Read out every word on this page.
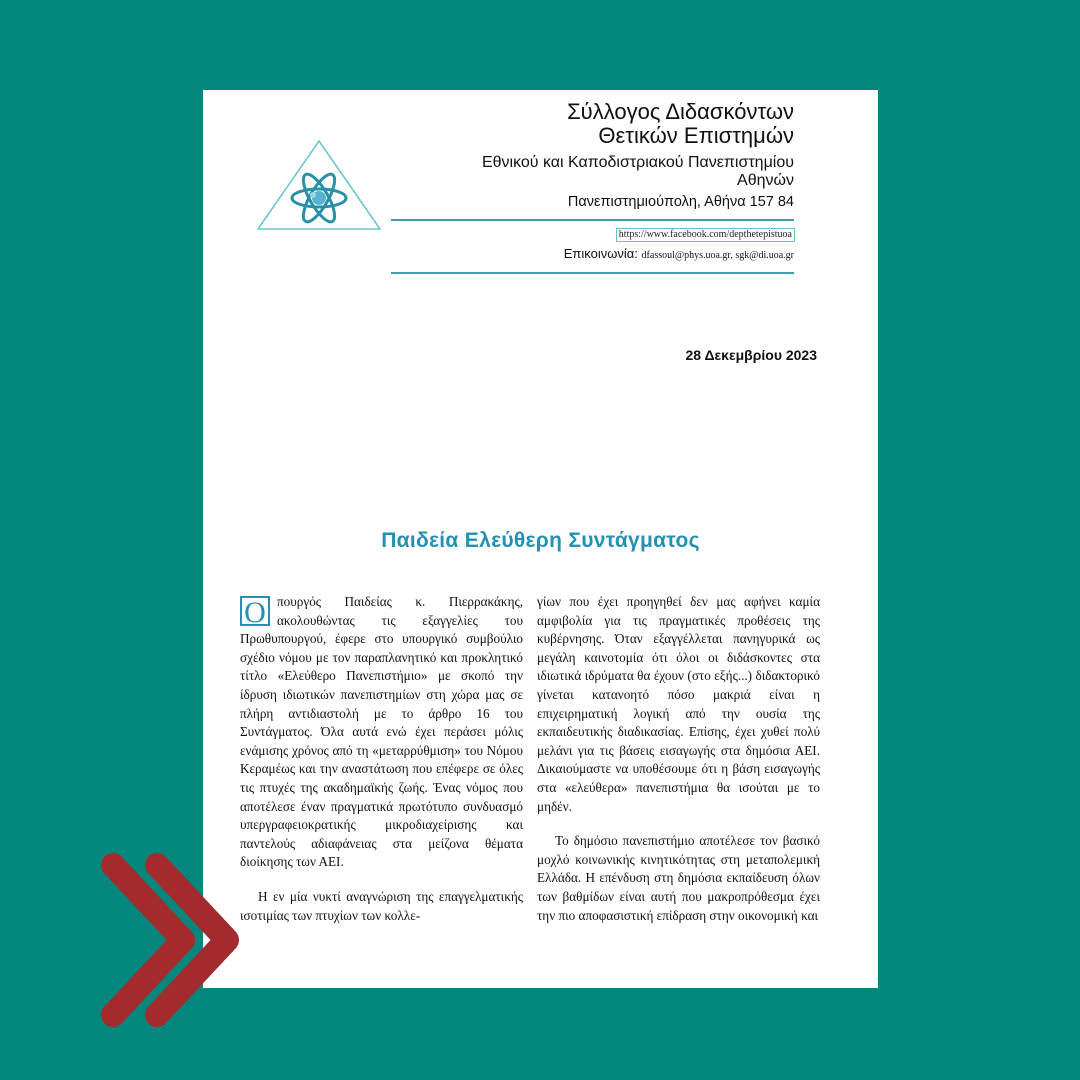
Σύλλογος Διδασκόντων
Θετικών Επιστημών
Εθνικού και Καποδιστριακού Πανεπιστημίου
Αθηνών
Πανεπιστημιούπολη, Αθήνα 157 84
https://www.facebook.com/depthetepistuoa
Επικοινωνία: dfassoul@phys.uoa.gr, sgk@di.uoa.gr
28 Δεκεμβρίου 2023
Παιδεία Ελεύθερη Συντάγματος

Ο πουργός Παιδείας κ. Πιερρακάκης, ακολουθώντας τις εξαγγελίες του Πρωθυπουργού, έφερε στο υπουργικό συμβούλιο σχέδιο νόμου με τον παραπλανητικό και προκλητικό τίτλο «Ελεύθερο Πανεπιστήμιο» με σκοπό την ίδρυση ιδιωτικών πανεπιστημίων στη χώρα μας σε πλήρη αντιδιαστολή με το άρθρο 16 του Συντάγματος. Όλα αυτά ενώ έχει περάσει μόλις ενάμισης χρόνος από τη «μεταρρύθμιση» του Νόμου Κεραμέως και την αναστάτωση που επέφερε σε όλες τις πτυχές της ακαδημαϊκής ζωής. Ένας νόμος που αποτέλεσε έναν πραγματικά πρωτότυπο συνδυασμό υπεργραφειοκρατικής μικροδιαχείρισης και παντελούς αδιαφάνειας στα μείζονα θέματα διοίκησης των ΑΕΙ.

Η εν μία νυκτί αναγνώριση της επαγγελματικής ισοτιμίας των πτυχίων των κολλε-

γίων που έχει προηγηθεί δεν μας αφήνει καμία αμφιβολία για τις πραγματικές προθέσεις της κυβέρνησης. Όταν εξαγγέλλεται πανηγυρικά ως μεγάλη καινοτομία ότι όλοι οι διδάσκοντες στα ιδιωτικά ιδρύματα θα έχουν (στο εξής...) διδακτορικό γίνεται κατανοητό πόσο μακριά είναι η επιχειρηματική λογική από την ουσία της εκπαιδευτικής διαδικασίας. Επίσης, έχει χυθεί πολύ μελάνι για τις βάσεις εισαγωγής στα δημόσια ΑΕΙ. Δικαιούμαστε να υποθέσουμε ότι η βάση εισαγωγής στα «ελεύθερα» πανεπιστήμια θα ισούται με το μηδέν.

Το δημόσιο πανεπιστήμιο αποτέλεσε τον βασικό μοχλό κοινωνικής κινητικότητας στη μεταπολεμική Ελλάδα. Η επένδυση στη δημόσια εκπαίδευση όλων των βαθμίδων είναι αυτή που μακροπρόθεσμα έχει την πιο αποφασιστική επίδραση στην οικονομική και
